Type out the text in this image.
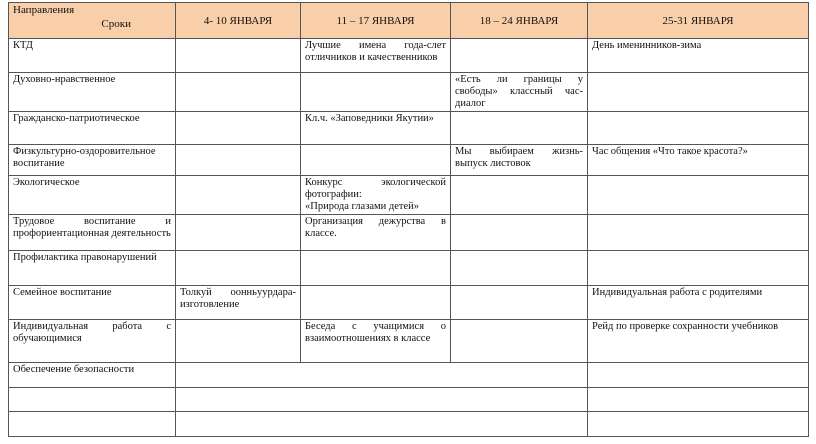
Направления
Сроки	4- 10 ЯНВАРЯ	11 – 17 ЯНВАРЯ	18 – 24 ЯНВАРЯ	25-31 ЯНВАРЯ
КТД		Лучшие имена года-слет отличников и качественников		День именинников-зима
Духовно-нравственное			«Есть ли границы у свободы» классный час-диалог	
Гражданско-патриотическое		Кл.ч. «Заповедники Якутии»		
Физкультурно-оздоровительное воспитание			Мы выбираем жизнь-выпуск листовок	Час общения «Что такое красота?»
Экологическое		Конкурс экологической фотографии:
«Природа глазами детей»		
Трудовое воспитание и профориентационная деятельность		Организация дежурства в классе.		
Профилактика правонарушений				
Семейное воспитание	Толкуй оонньуурдара-изготовление			Индивидуальная работа с родителями
Индивидуальная работа с обучающимися		Беседа с учащимися о взаимоотношениях в классе		Рейд по проверке сохранности учебников
Обеспечение безопасности				
